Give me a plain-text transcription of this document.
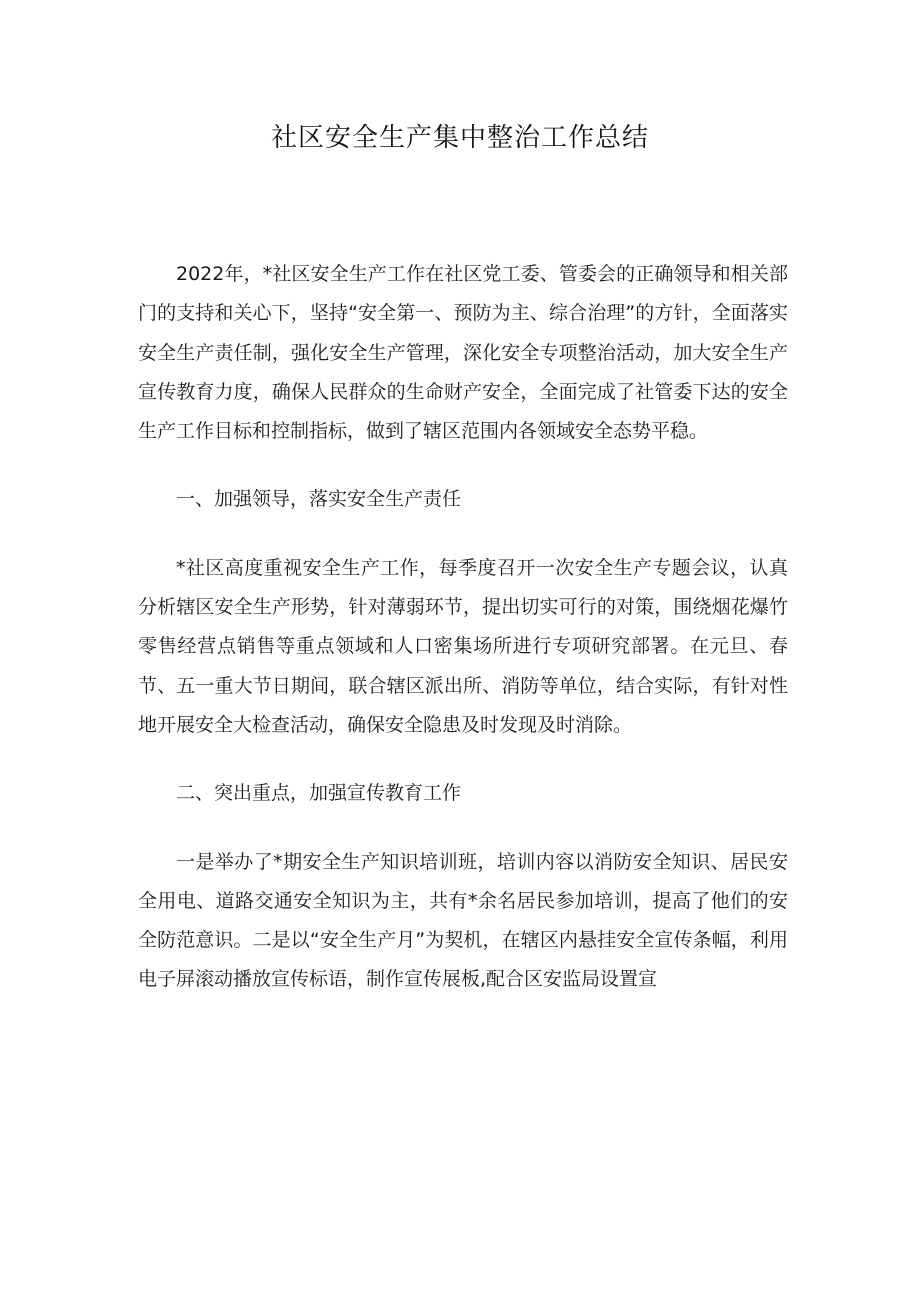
社区安全生产集中整治工作总结

2022年，*社区安全生产工作在社区党工委、管委会的正确领导和相关部门的支持和关心下，坚持“安全第一、预防为主、综合治理”的方针，全面落实安全生产责任制，强化安全生产管理，深化安全专项整治活动，加大安全生产宣传教育力度，确保人民群众的生命财产安全，全面完成了社管委下达的安全生产工作目标和控制指标，做到了辖区范围内各领域安全态势平稳。

一、加强领导，落实安全生产责任

*社区高度重视安全生产工作，每季度召开一次安全生产专题会议，认真分析辖区安全生产形势，针对薄弱环节，提出切实可行的对策，围绕烟花爆竹零售经营点销售等重点领域和人口密集场所进行专项研究部署。在元旦、春节、五一重大节日期间，联合辖区派出所、消防等单位，结合实际，有针对性地开展安全大检查活动，确保安全隐患及时发现及时消除。

二、突出重点，加强宣传教育工作

一是举办了*期安全生产知识培训班，培训内容以消防安全知识、居民安全用电、道路交通安全知识为主，共有*余名居民参加培训，提高了他们的安全防范意识。二是以“安全生产月”为契机，在辖区内悬挂安全宣传条幅，利用电子屏滚动播放宣传标语，制作宣传展板,配合区安监局设置宣
